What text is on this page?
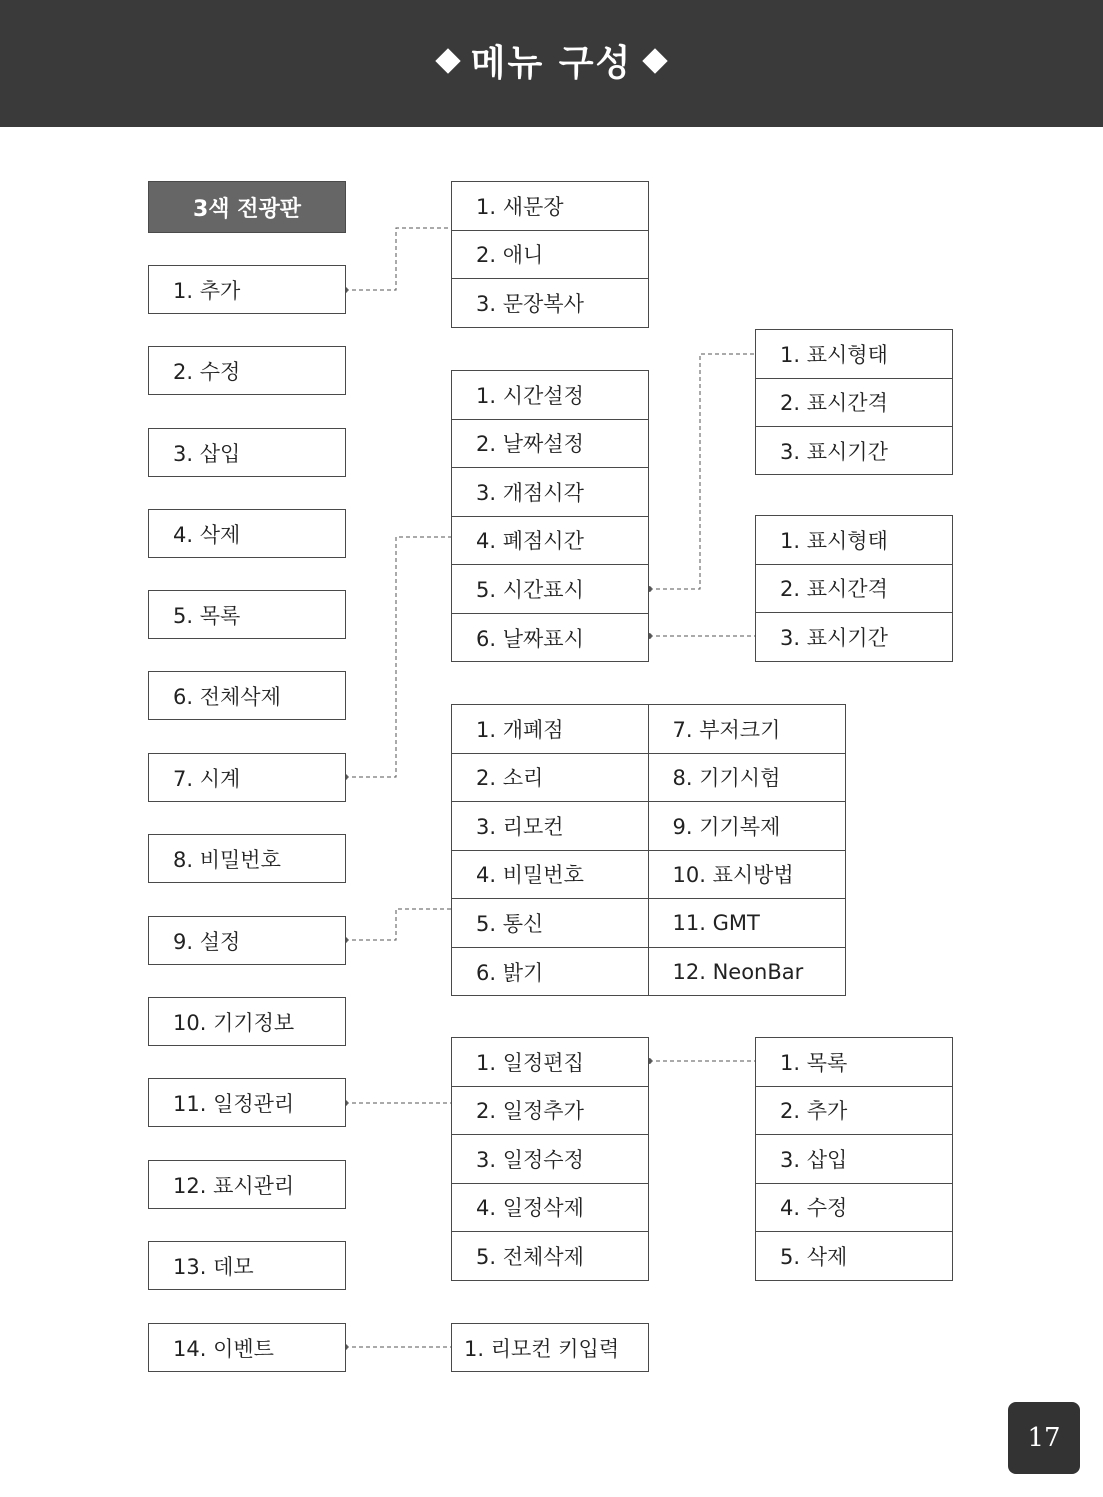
메뉴 구성
3색 전광판
1. 추가
2. 수정
3. 삽입
4. 삭제
5. 목록
6. 전체삭제
7. 시계
8. 비밀번호
9. 설정
10. 기기정보
11. 일정관리
12. 표시관리
13. 데모
14. 이벤트
1. 새문장
2. 애니
3. 문장복사
1. 시간설정
2. 날짜설정
3. 개점시각
4. 폐점시간
5. 시간표시
6. 날짜표시
1. 표시형태
2. 표시간격
3. 표시기간
1. 표시형태
2. 표시간격
3. 표시기간
1. 개폐점
2. 소리
3. 리모컨
4. 비밀번호
5. 통신
6. 밝기
7. 부저크기
8. 기기시험
9. 기기복제
10. 표시방법
11. GMT
12. NeonBar
1. 일정편집
2. 일정추가
3. 일정수정
4. 일정삭제
5. 전체삭제
1. 목록
2. 추가
3. 삽입
4. 수정
5. 삭제
1. 리모컨 키입력
17
